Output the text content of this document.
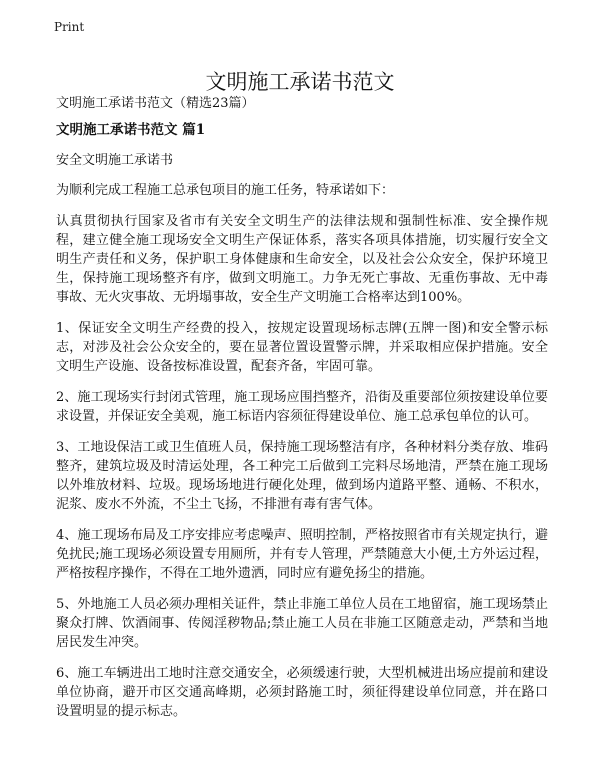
Print
文明施工承诺书范文

文明施工承诺书范文（精选23篇）

文明施工承诺书范文 篇1

安全文明施工承诺书

为顺利完成工程施工总承包项目的施工任务，特承诺如下：

认真贯彻执行国家及省市有关安全文明生产的法律法规和强制性标准、安全操作规程，建立健全施工现场安全文明生产保证体系，落实各项具体措施，切实履行安全文明生产责任和义务，保护职工身体健康和生命安全，以及社会公众安全，保护环境卫生，保持施工现场整齐有序，做到文明施工。力争无死亡事故、无重伤事故、无中毒事故、无火灾事故、无坍塌事故，安全生产文明施工合格率达到100%。

1、保证安全文明生产经费的投入，按规定设置现场标志牌(五牌一图)和安全警示标志，对涉及社会公众安全的，要在显著位置设置警示牌，并采取相应保护措施。安全文明生产设施、设备按标准设置，配套齐备，牢固可靠。

2、施工现场实行封闭式管理，施工现场应围挡整齐，沿街及重要部位须按建设单位要求设置，并保证安全美观，施工标语内容须征得建设单位、施工总承包单位的认可。

3、工地设保洁工或卫生值班人员，保持施工现场整洁有序，各种材料分类存放、堆码整齐，建筑垃圾及时清运处理，各工种完工后做到工完料尽场地清，严禁在施工现场以外堆放材料、垃圾。现场场地进行硬化处理，做到场内道路平整、通畅、不积水，泥浆、废水不外流，不尘土飞扬，不排泄有毒有害气体。

4、施工现场布局及工序安排应考虑噪声、照明控制，严格按照省市有关规定执行，避免扰民;施工现场必须设置专用厕所，并有专人管理，严禁随意大小便,土方外运过程，严格按程序操作，不得在工地外遗洒，同时应有避免扬尘的措施。

5、外地施工人员必须办理相关证件，禁止非施工单位人员在工地留宿，施工现场禁止聚众打牌、饮酒闹事、传阅淫秽物品;禁止施工人员在非施工区随意走动，严禁和当地居民发生冲突。

6、施工车辆进出工地时注意交通安全，必须缓速行驶，大型机械进出场应提前和建设单位协商，避开市区交通高峰期，必须封路施工时，须征得建设单位同意，并在路口设置明显的提示标志。
